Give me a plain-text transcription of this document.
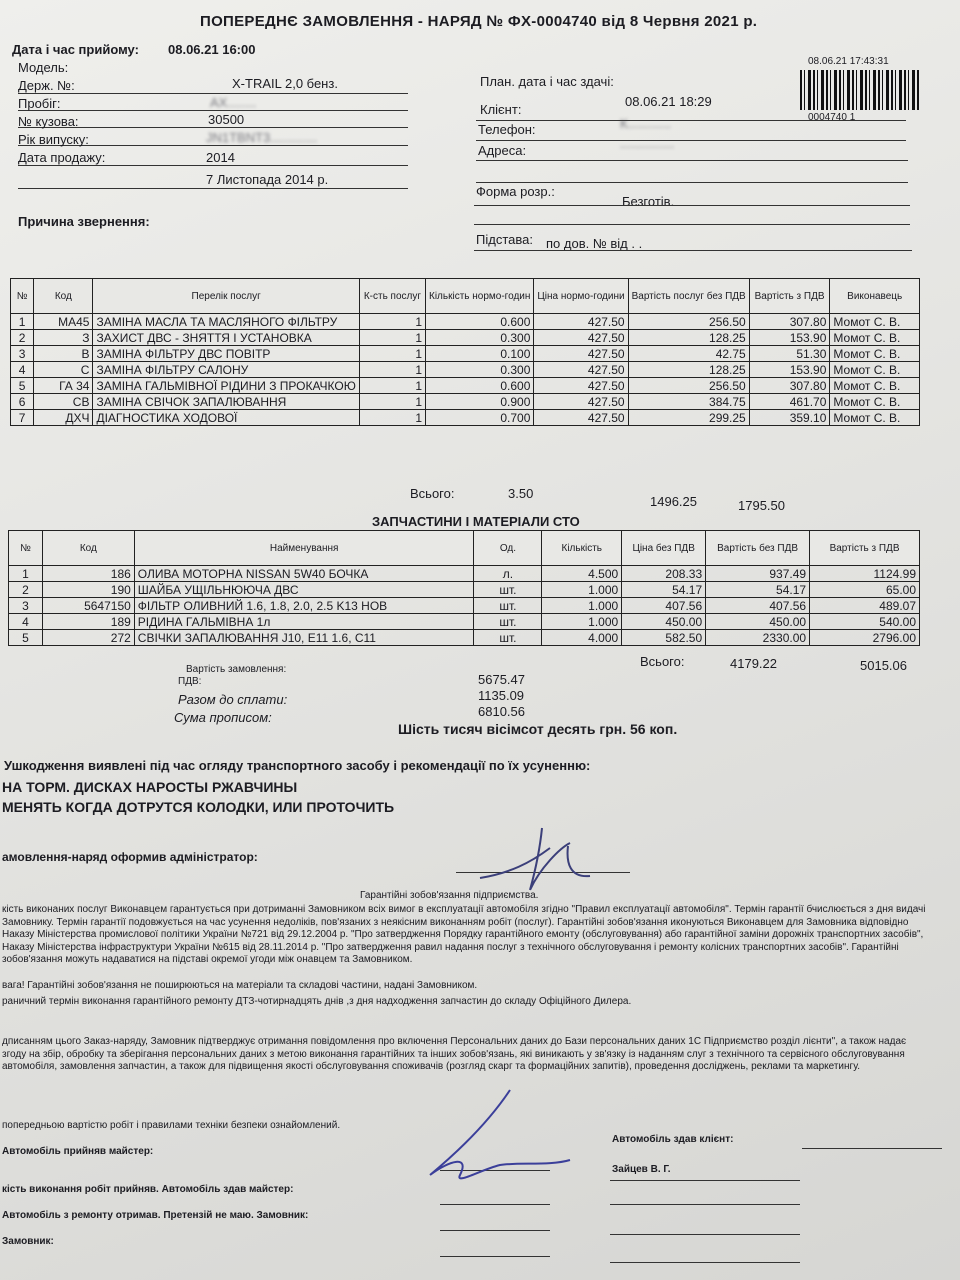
ПОПЕРЕДНЄ ЗАМОВЛЕННЯ - НАРЯД № ФХ-0004740 від 8 Червня 2021 р.
Дата і час прийому: 08.06.21 16:00
План. дата і час здачі:
08.06.21 18:29
08.06.21 17:43:31
0004740 1
Модель:
X-TRAIL 2,0 бенз.
Держ. №:
АХ........
Пробіг:
30500
№ кузова:
JN1TBNT3.............
Рік випуску:
2014
Дата продажу:
7 Листопада 2014 р.
Клієнт:
К............
Телефон:
...............
Адреса:
Форма розр.:
Безготів.
Підстава: по дов. № від . .
Причина звернення:
№	Код	Перелік послуг	К-сть послуг	Кількість нормо-годин	Ціна нормо-години	Вартість послуг без ПДВ	Вартість з ПДВ	Виконавець
1	МА45	ЗАМІНА МАСЛА ТА МАСЛЯНОГО ФІЛЬТРУ	1	0.600	427.50	256.50	307.80	Момот С. В.
2	З	ЗАХИСТ ДВС - ЗНЯТТЯ І УСТАНОВКА	1	0.300	427.50	128.25	153.90	Момот С. В.
3	В	ЗАМІНА ФІЛЬТРУ ДВС ПОВІТР	1	0.100	427.50	42.75	51.30	Момот С. В.
4	С	ЗАМІНА ФІЛЬТРУ САЛОНУ	1	0.300	427.50	128.25	153.90	Момот С. В.
5	ГА 34	ЗАМІНА ГАЛЬМІВНОЇ РІДИНИ З ПРОКАЧКОЮ	1	0.600	427.50	256.50	307.80	Момот С. В.
6	СВ	ЗАМІНА СВІЧОК ЗАПАЛЮВАННЯ	1	0.900	427.50	384.75	461.70	Момот С. В.
7	ДХЧ	ДІАГНОСТИКА ХОДОВОЇ	1	0.700	427.50	299.25	359.10	Момот С. В.
Всього:	3.50
1496.25	1795.50
ЗАПЧАСТИНИ І МАТЕРІАЛИ СТО
№	Код	Найменування	Од.	Кількість	Ціна без ПДВ	Вартість без ПДВ	Вартість з ПДВ
1	186	ОЛИВА МОТОРНА NISSAN 5W40 БОЧКА	л.	4.500	208.33	937.49	1124.99
2	190	ШАЙБА УЩІЛЬНЮЮЧА ДВС	шт.	1.000	54.17	54.17	65.00
3	5647150	ФІЛЬТР ОЛИВНИЙ 1.6, 1.8, 2.0, 2.5 K13 НОВ	шт.	1.000	407.56	407.56	489.07
4	189	РІДИНА ГАЛЬМІВНА 1л	шт.	1.000	450.00	450.00	540.00
5	272	СВІЧКИ ЗАПАЛЮВАННЯ J10, E11 1.6, C11	шт.	4.000	582.50	2330.00	2796.00
Всього:	4179.22	5015.06
Вартість замовлення:
ПДВ:	5675.47
1135.09
Разом до сплати:
6810.56
Сума прописом:
Шість тисяч вісімсот десять грн. 56 коп.
Ушкодження виявлені під час огляду транспортного засобу і рекомендації по їх усуненню:
НА ТОРМ. ДИСКАХ НАРОСТЫ РЖАВЧИНЫ
МЕНЯТЬ КОГДА ДОТРУТСЯ КОЛОДКИ, ИЛИ ПРОТОЧИТЬ
амовлення-наряд оформив адміністратор:
Гарантійні зобов'язання підприємства.
кість виконаних послуг Виконавцем гарантується при дотриманні Замовником всіх вимог в експлуатації автомобіля згідно "Правил експлуатації автомобіля". Термін гарантії бчислюється з дня видачі Замовнику. Термін гарантії подовжується на час усунення недоліків, пов'язаних з неякісним виконанням робіт (послуг). Гарантійні зобов'язання иконуються Виконавцем для Замовника відповідно Наказу Міністерства промислової політики України №721 від 29.12.2004 р. "Про затвердження Порядку гарантійного емонту (обслуговування) або гарантійної заміни дорожніх транспортних засобів", Наказу Міністерства інфраструктури України №615 від 28.11.2014 р. "Про затвердження равил надання послуг з технічного обслуговування і ремонту колісних транспортних засобів". Гарантійні зобов'язання можуть надаватися на підставі окремої угоди між онавцем та Замовником.
вага! Гарантійні зобов'язання не поширюються на матеріали та складові частини, надані Замовником.
раничний термін виконання гарантійного ремонту ДТЗ-чотирнадцять днів ,з дня надходження запчастин до складу Офіційного Дилера.
дписанням цього Заказ-наряду, Замовник підтверджує отримання повідомлення про включення Персональних даних до Бази персональних даних 1С Підприємство розділ лієнти", а також надає згоду на збір, обробку та зберігання персональних даних з метою виконання гарантійних та інших зобов'язань, які виникають у зв'язку із наданням слуг з технічного та сервісного обслуговування автомобіля, замовлення запчастин, а також для підвищення якості обслуговування споживачів (розгляд скарг та формаційних запитів), проведення досліджень, реклами та маркетингу.
попередньою вартістю робіт і правилами техніки безпеки ознайомлений.
Автомобіль прийняв майстер:
Автомобіль здав клієнт:
Зайцев В. Г.
кість виконання робіт прийняв. Автомобіль здав майстер:
Автомобіль з ремонту отримав. Претензій не маю. Замовник:
Замовник:
